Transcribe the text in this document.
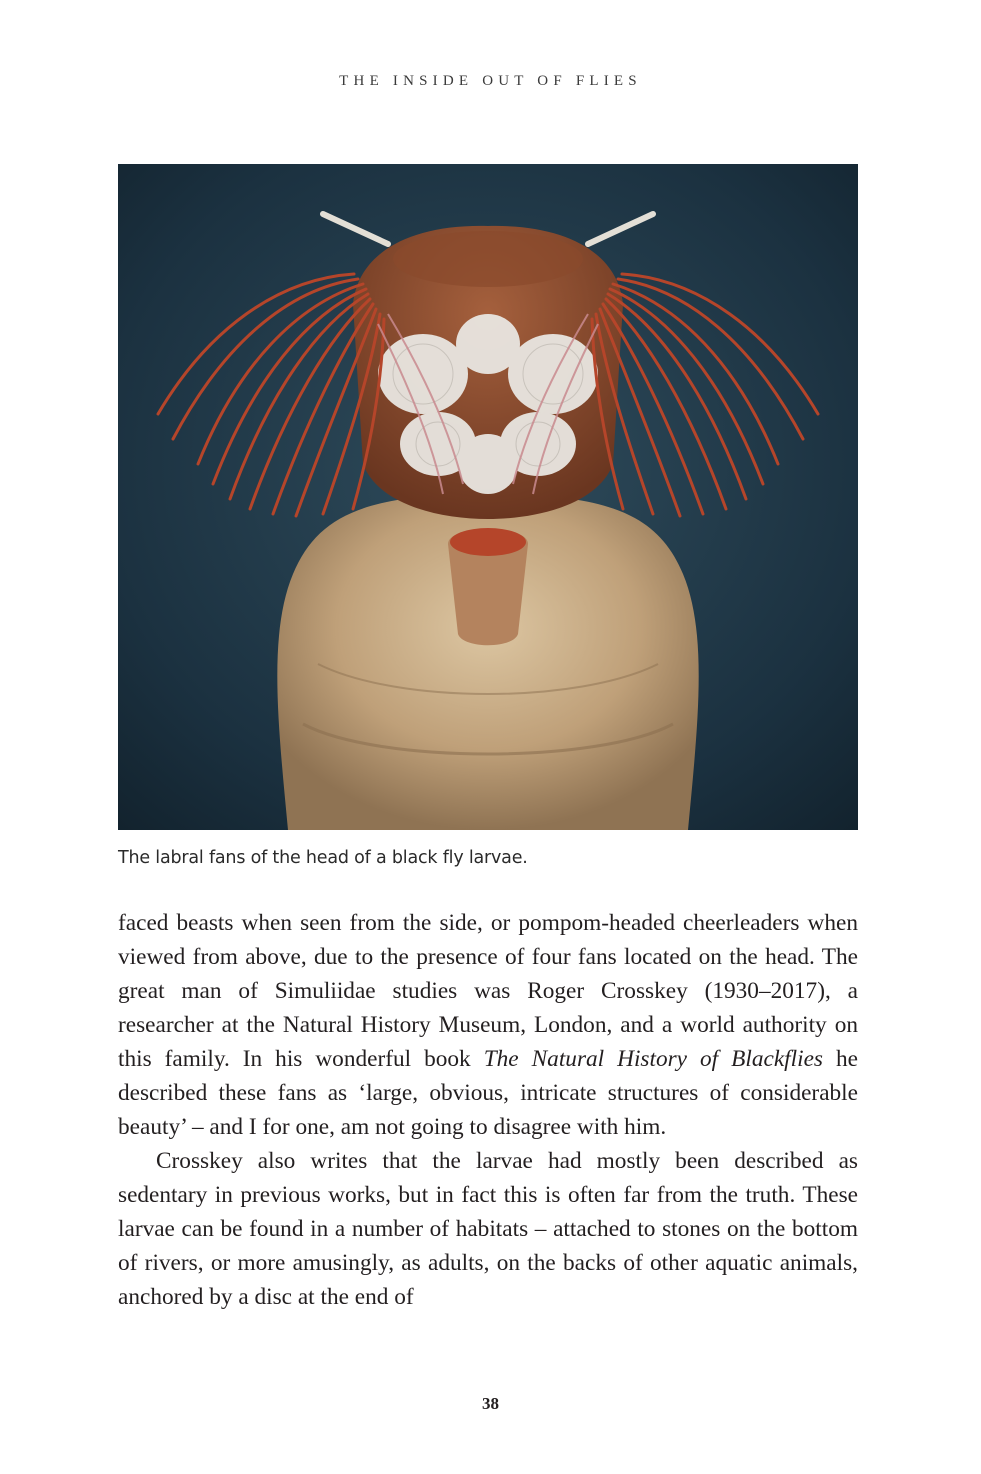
THE INSIDE OUT OF FLIES
The labral fans of the head of a black fly larvae.

faced beasts when seen from the side, or pompom-headed cheerleaders when viewed from above, due to the presence of four fans located on the head. The great man of Simuliidae studies was Roger Crosskey (1930–2017), a researcher at the Natural History Museum, London, and a world authority on this family. In his wonderful book The Natural History of Blackflies he described these fans as ‘large, obvious, intricate structures of considerable beauty’ – and I for one, am not going to disagree with him.

Crosskey also writes that the larvae had mostly been described as sedentary in previous works, but in fact this is often far from the truth. These larvae can be found in a number of habitats – attached to stones on the bottom of rivers, or more amusingly, as adults, on the backs of other aquatic animals, anchored by a disc at the end of

38
